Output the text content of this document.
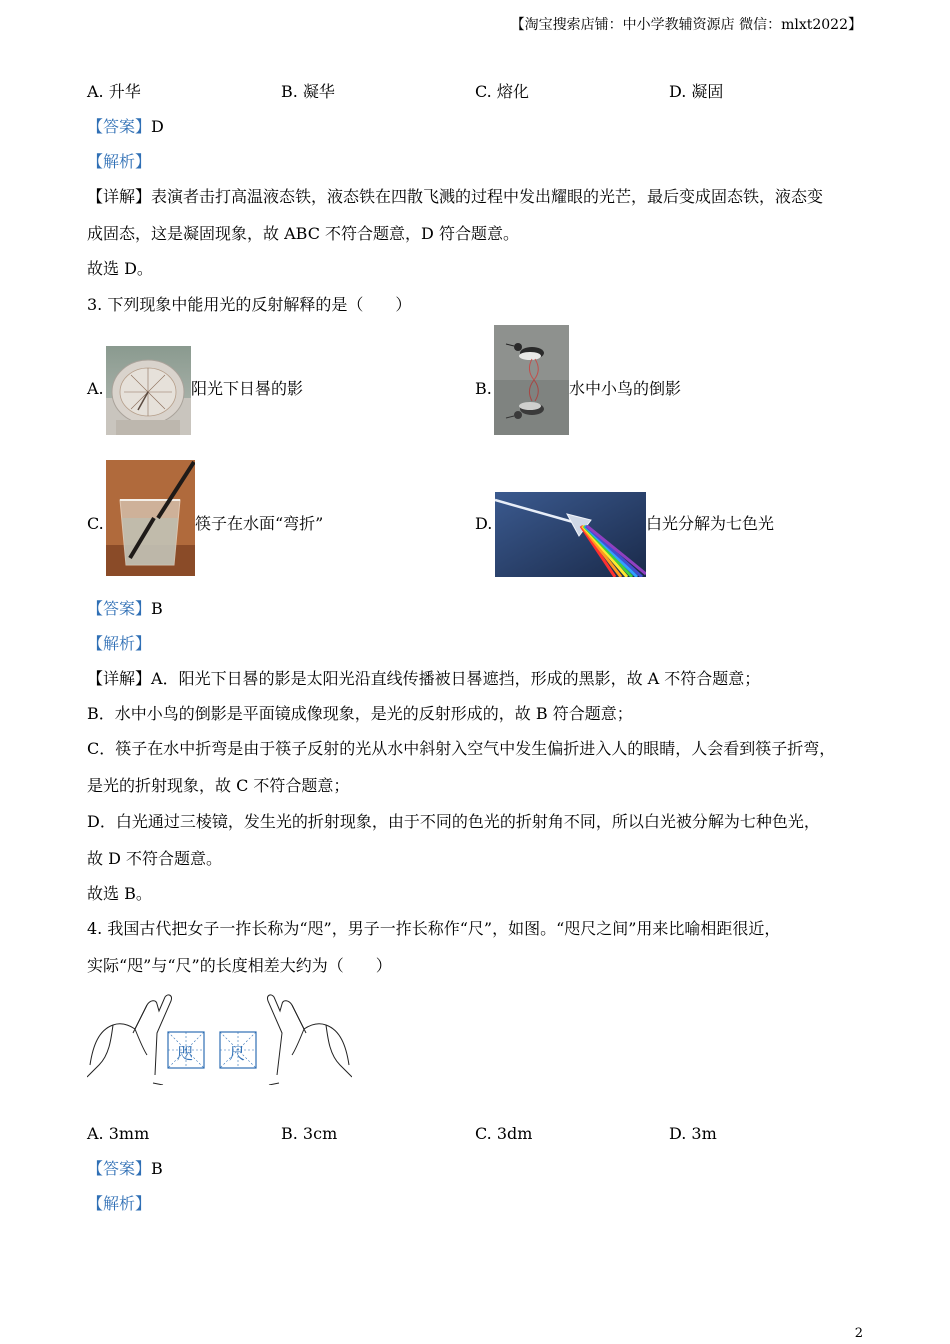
【淘宝搜索店铺：中小学教辅资源店 微信：mlxt2022】
A. 升华	B. 凝华	C. 熔化	D. 凝固
【答案】D
【解析】
【详解】表演者击打高温液态铁，液态铁在四散飞溅的过程中发出耀眼的光芒，最后变成固态铁，液态变
成固态，这是凝固现象，故 ABC 不符合题意，D 符合题意。
故选 D。
3. 下列现象中能用光的反射解释的是（　　）
A.	阳光下日晷的影	B.	水中小鸟的倒影
C.	筷子在水面“弯折”	D.	白光分解为七色光
【答案】B
【解析】
【详解】A．阳光下日晷的影是太阳光沿直线传播被日晷遮挡，形成的黑影，故 A 不符合题意；
B．水中小鸟的倒影是平面镜成像现象，是光的反射形成的，故 B 符合题意；
C．筷子在水中折弯是由于筷子反射的光从水中斜射入空气中发生偏折进入人的眼睛，人会看到筷子折弯，
是光的折射现象，故 C 不符合题意；
D．白光通过三棱镜，发生光的折射现象，由于不同的色光的折射角不同，所以白光被分解为七种色光，
故 D 不符合题意。
故选 B。
4. 我国古代把女子一拃长称为“咫”，男子一拃长称作“尺”，如图。“咫尺之间”用来比喻相距很近，
实际“咫”与“尺”的长度相差大约为（　　）
咫 尺
A. 3mm	B. 3cm	C. 3dm	D. 3m
【答案】B
【解析】
2
